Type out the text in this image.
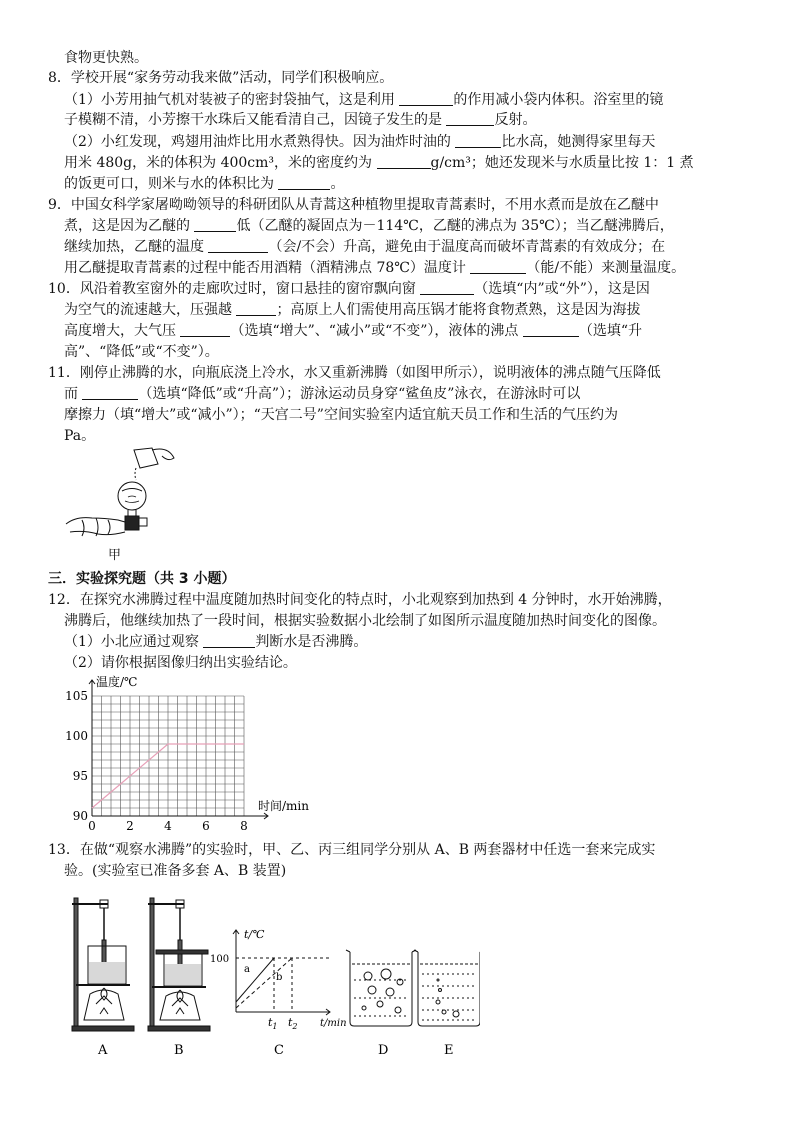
食物更快熟。
8．学校开展“家务劳动我来做”活动，同学们积极响应。
（1）小芳用抽气机对装被子的密封袋抽气，这是利用	的作用减小袋内体积。浴室里的镜
子模糊不清，小芳擦干水珠后又能看清自己，因镜子发生的是	反射。
（2）小红发现，鸡翅用油炸比用水煮熟得快。因为油炸时油的	比水高，她测得家里每天
用米 480g，米的体积为 400cm³，米的密度约为	g/cm³；她还发现米与水质量比按 1：1 煮
的饭更可口，则米与水的体积比为	。
9．中国女科学家屠呦呦领导的科研团队从青蒿这种植物里提取青蒿素时，不用水煮而是放在乙醚中
煮，这是因为乙醚的	低（乙醚的凝固点为－114℃，乙醚的沸点为 35℃）；当乙醚沸腾后，
继续加热，乙醚的温度	（会/不会）升高，避免由于温度高而破坏青蒿素的有效成分；在
用乙醚提取青蒿素的过程中能否用酒精（酒精沸点 78℃）温度计	（能/不能）来测量温度。
10．风沿着教室窗外的走廊吹过时，窗口悬挂的窗帘飘向窗	（选填“内”或“外”），这是因
为空气的流速越大，压强越	；高原上人们需使用高压锅才能将食物煮熟，这是因为海拔
高度增大，大气压	（选填“增大”、“减小”或“不变”），液体的沸点	（选填“升
高”、“降低”或“不变”）。
11．刚停止沸腾的水，向瓶底浇上冷水，水又重新沸腾（如图甲所示），说明液体的沸点随气压降低
而	（选填“降低”或“升高”）；游泳运动员身穿“鲨鱼皮”泳衣，在游泳时可以
摩擦力（填“增大”或“减小”）；“天宫二号”空间实验室内适宜航天员工作和生活的气压约为
Pa。
甲
三．实验探究题（共 3 小题）
12．在探究水沸腾过程中温度随加热时间变化的特点时，小北观察到加热到 4 分钟时，水开始沸腾，
沸腾后，他继续加热了一段时间，根据实验数据小北绘制了如图所示温度随加热时间变化的图像。
（1）小北应通过观察	判断水是否沸腾。
（2）请你根据图像归纳出实验结论。
0	2	4	6	8
90
95
100
105
温度/℃
时间/min
13．在做“观察水沸腾”的实验时，甲、乙、丙三组同学分别从 A、B 两套器材中任选一套来完成实
验。(实验室已准备多套 A、B 装置)
t/℃
100
a
b
$t_1$ $t_2$ t/min
A	B	C	D	E
